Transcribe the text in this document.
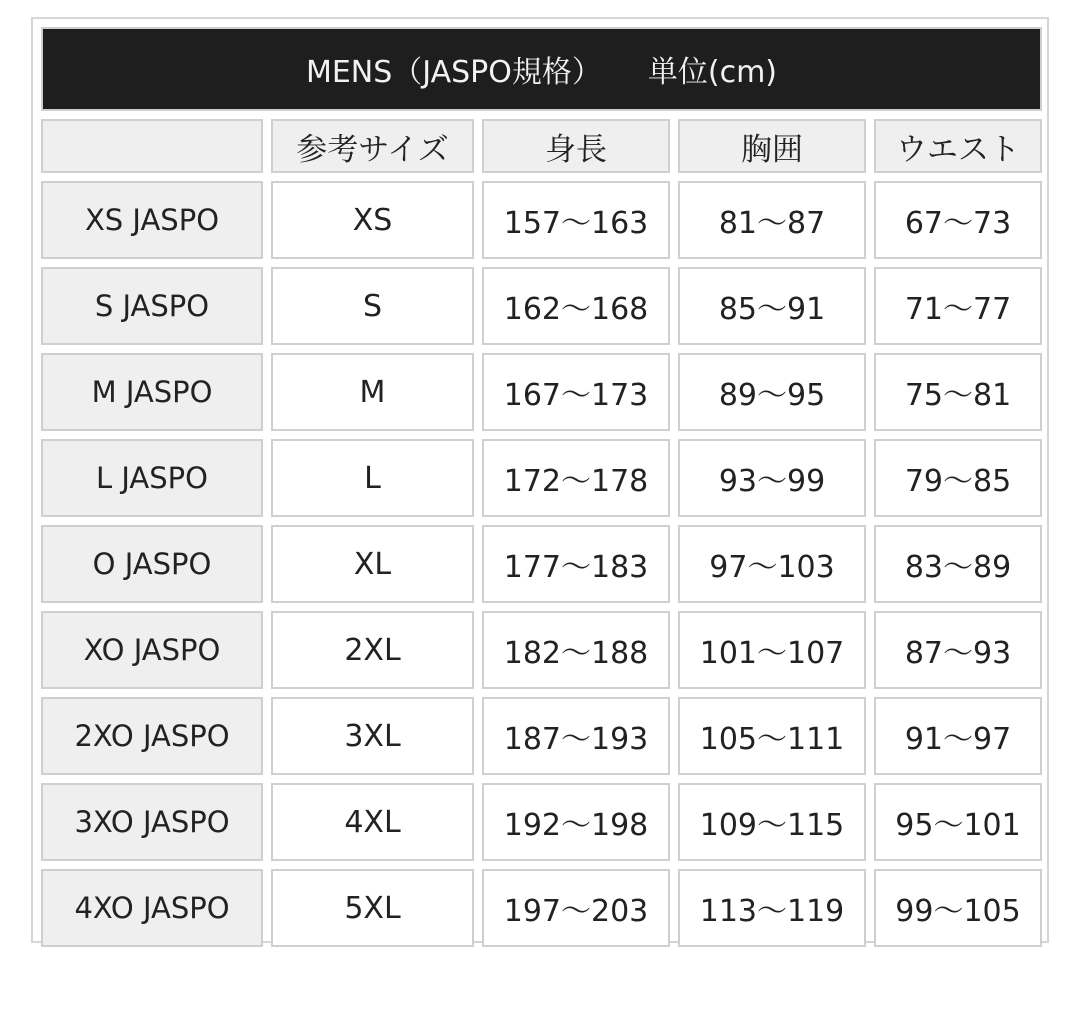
MENS（JASPO規格） 単位(cm)				
	参考サイズ	身長	胸囲	ウエスト
XS JASPO	XS	157～163	81～87	67～73
S JASPO	S	162～168	85～91	71～77
M JASPO	M	167～173	89～95	75～81
L JASPO	L	172～178	93～99	79～85
O JASPO	XL	177～183	97～103	83～89
XO JASPO	2XL	182～188	101～107	87～93
2XO JASPO	3XL	187～193	105～111	91～97
3XO JASPO	4XL	192～198	109～115	95～101
4XO JASPO	5XL	197～203	113～119	99～105
